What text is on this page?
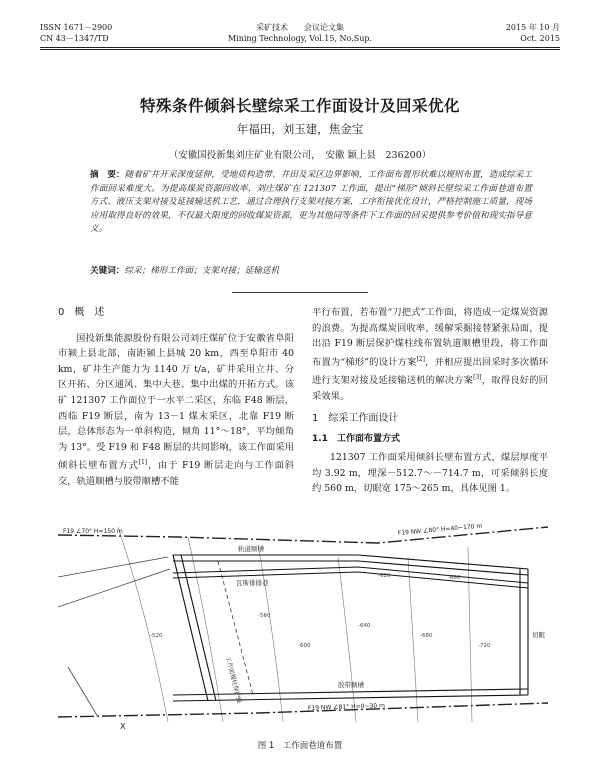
ISSN 1671－2900
CN 43－1347/TD
采矿技术　　会议论文集
Mining Technology, Vol.15, No.Sup.
2015 年 10 月
Oct. 2015
特殊条件倾斜长壁综采工作面设计及回采优化
年福田，刘玉建，焦金宝
（安徽国投新集刘庄矿业有限公司，　安徽 颖上县　236200）
摘　要：随着矿井开采深度延伸，受地质构造带、井田及采区边界影响，工作面布置形状难以规则布置，造成综采工作面回采难度大。为提高煤炭资源回收率，刘庄煤矿在 121307 工作面，提出“梯形”倾斜长壁综采工作面巷道布置方式、液压支架对接及延接输送机工艺，通过合理执行支架对接方案，工序衔接优化设计，严格控制施工质量，现场应用取得良好的效果，不仅最大限度的回收煤炭资源，更为其他同等条件下工作面的回采提供参考价值和现实指导意义。
关键词：综采；梯形工作面；支架对接；延输送机
0　概　述

国投新集能源股份有限公司刘庄煤矿位于安徽省阜阳市颍上县北部，南距颍上县城 20 km，西至阜阳市 40 km，矿井生产能力为 1140 万 t/a，矿井采用立井、分区开拓、分区通风、集中大巷、集中出煤的开拓方式。该矿 121307 工作面位于一水平二采区，东临 F48 断层，西临 F19 断层，南为 13－1 煤末采区，北靠 F19 断层，总体形态为一单斜构造，倾角 11°～18°，平均倾角为 13°。受 F19 和 F48 断层的共同影响，该工作面采用倾斜长壁布置方式[1]，由于 F19 断层走向与工作面斜交，轨道顺槽与胶带顺槽不能

平行布置，若布置“刀把式”工作面，将造成一定煤炭资源的浪费。为提高煤炭回收率，缓解采掘接替紧张局面，提出沿 F19 断层保护煤柱线布置轨道顺槽里段，将工作面布置为“梯形”的设计方案[2]，并相应提出回采时多次循环进行支架对接及延接输送机的解决方案[3]，取得良好的回采效果。

1　综采工作面设计
1.1　工作面布置方式

121307 工作面采用倾斜长壁布置方式，煤层厚度平均 3.92 m，埋深－512.7～－714.7 m，可采倾斜长度约 560 m，切眼宽 175～265 m，具体见图 1。

轨道顺槽
瓦斯排排巷
胶带顺槽
切眼
F19 NW ∠80° H=40~170 m
F19 NW ∠81° H=0~30 m
F19 ∠70° H=150 m
工作面煤柱保护线
X
-520
-560
-600
-640
-680
-720
-620	-680
图 1　工作面巷道布置
